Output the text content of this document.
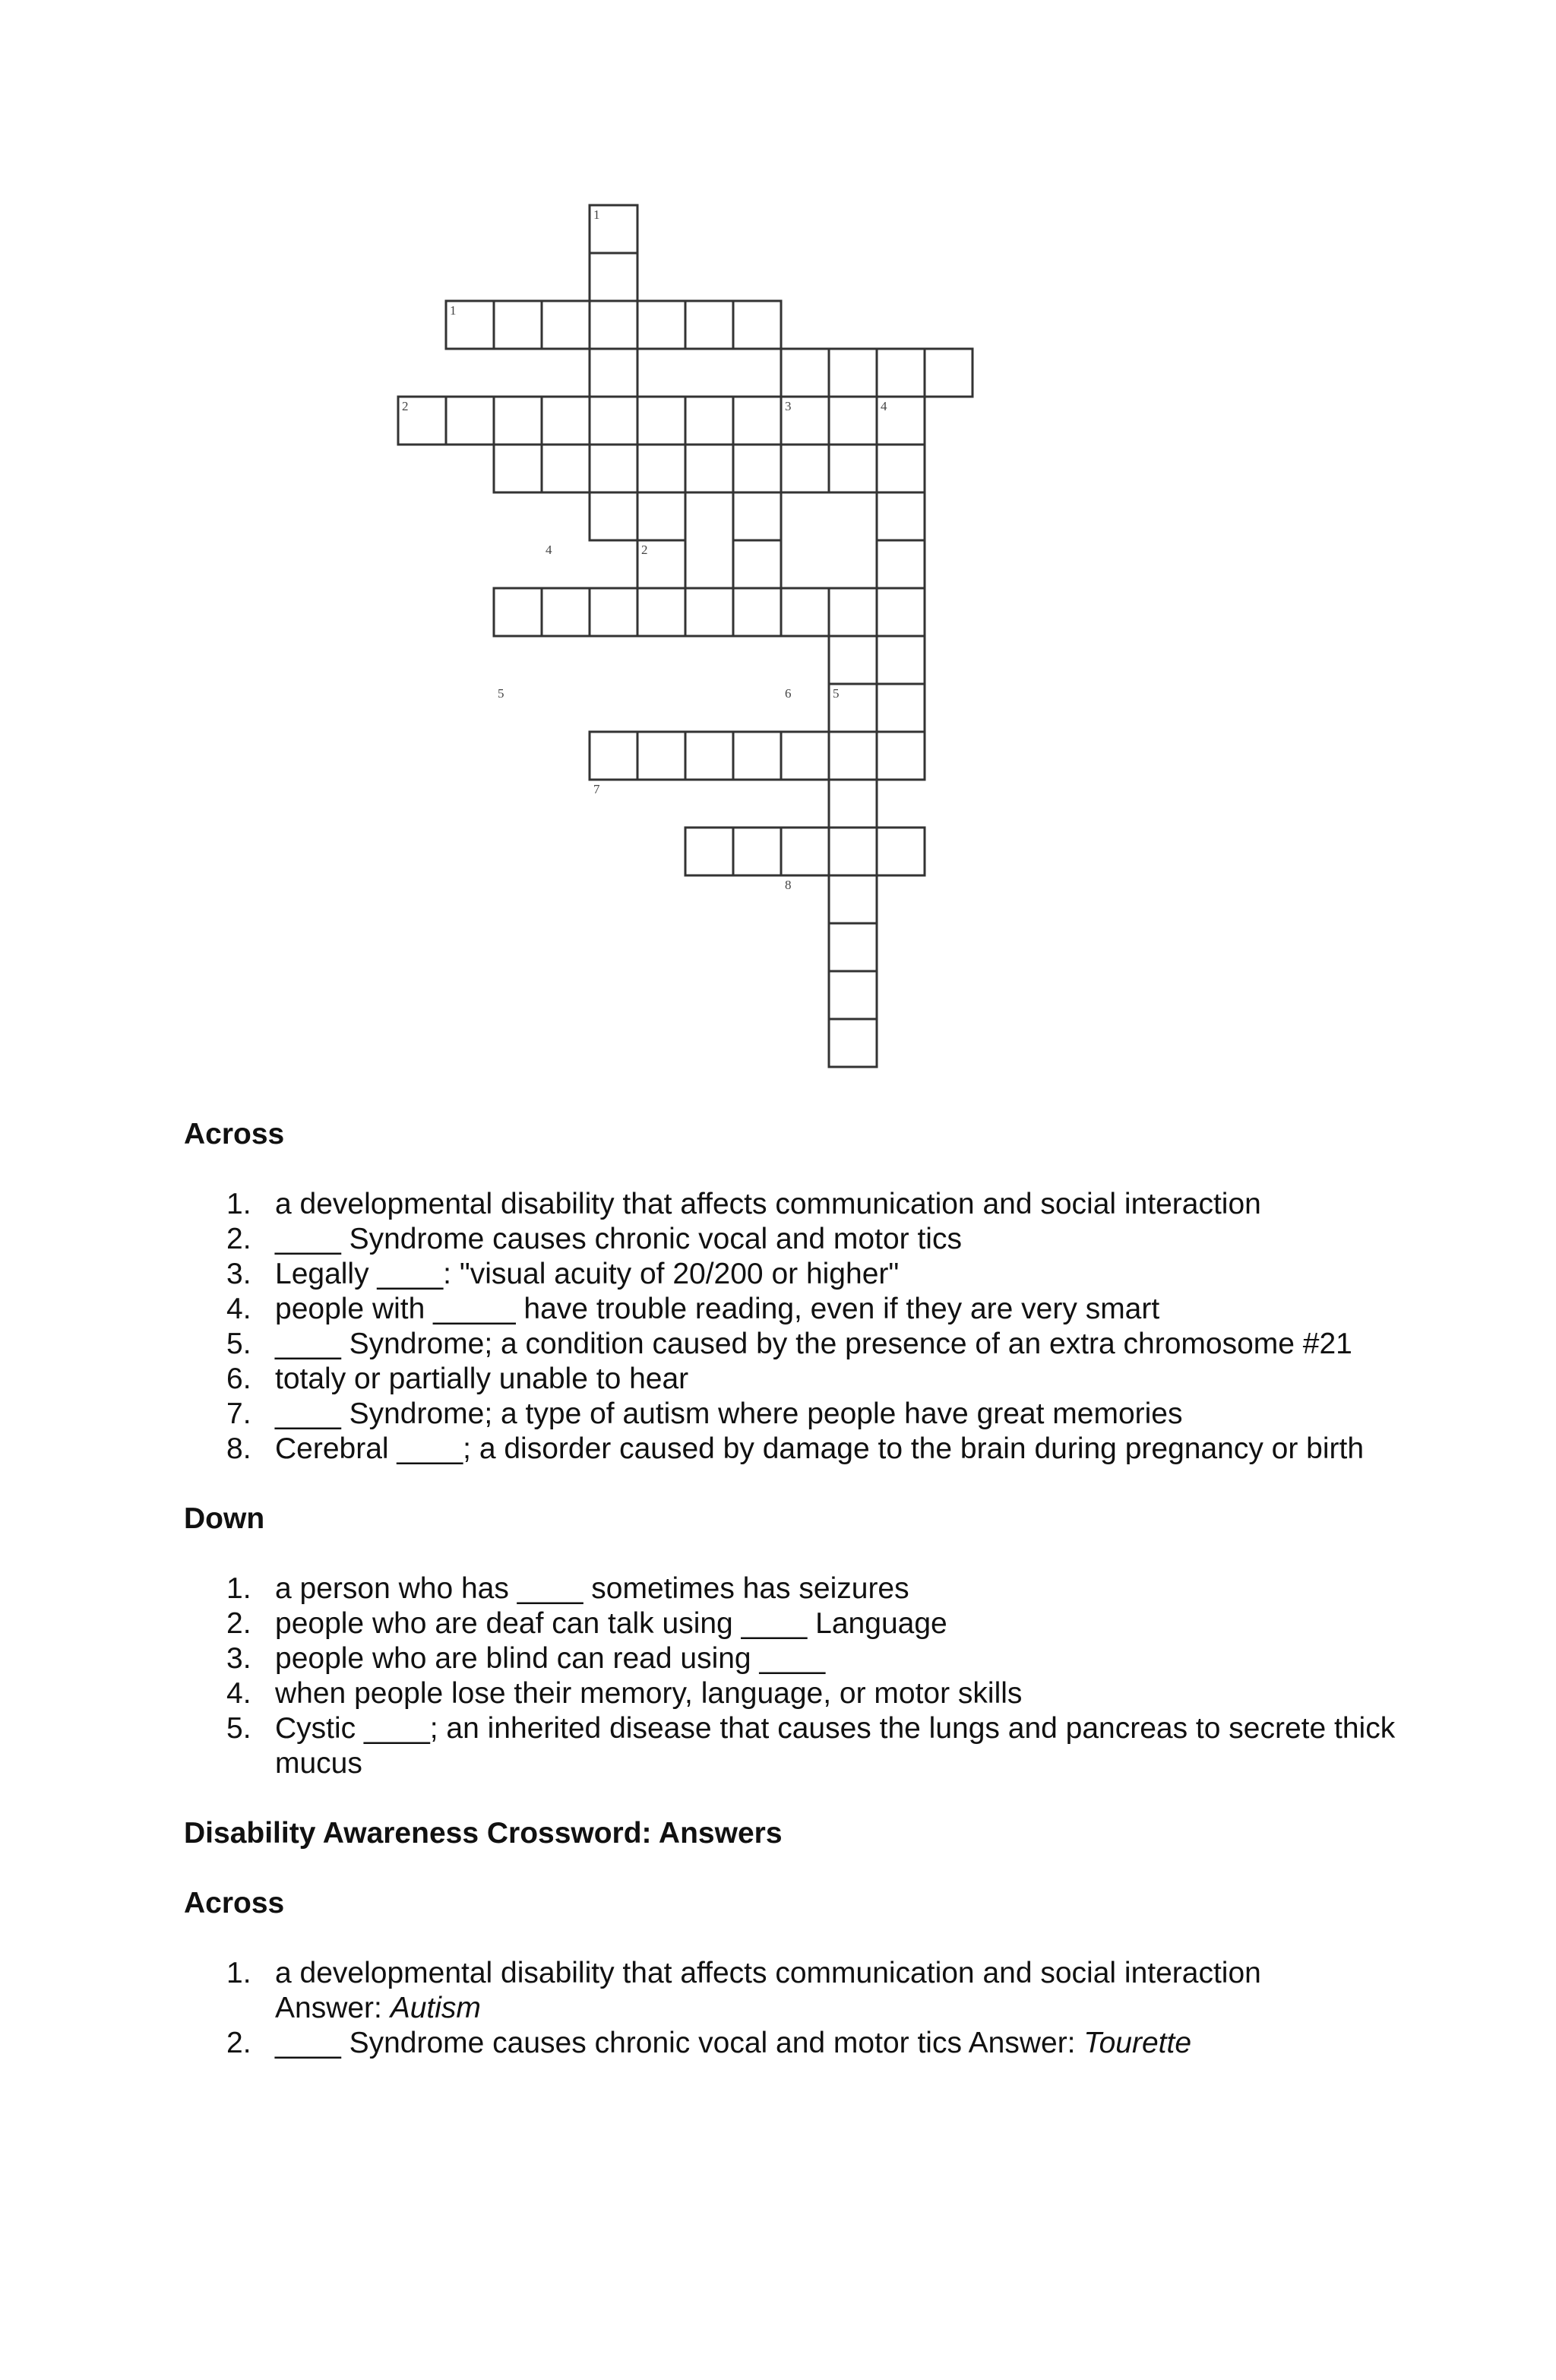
1
1
2	3	4
4	2
5	6	5
7
8
Across
1. a developmental disability that affects communication and social interaction
2. ____ Syndrome causes chronic vocal and motor tics
3. Legally ____: "visual acuity of 20/200 or higher"
4. people with _____ have trouble reading, even if they are very smart
5. ____ Syndrome; a condition caused by the presence of an extra chromosome #21
6. totaly or partially unable to hear
7. ____ Syndrome; a type of autism where people have great memories
8. Cerebral ____; a disorder caused by damage to the brain during pregnancy or birth
Down
1. a person who has ____ sometimes has seizures
2. people who are deaf can talk using ____ Language
3. people who are blind can read using ____
4. when people lose their memory, language, or motor skills
5. Cystic ____; an inherited disease that causes the lungs and pancreas to secrete thick mucus
Disability Awareness Crossword: Answers
Across
1. a developmental disability that affects communication and social interaction
Answer: Autism
2. ____ Syndrome causes chronic vocal and motor tics Answer: Tourette
